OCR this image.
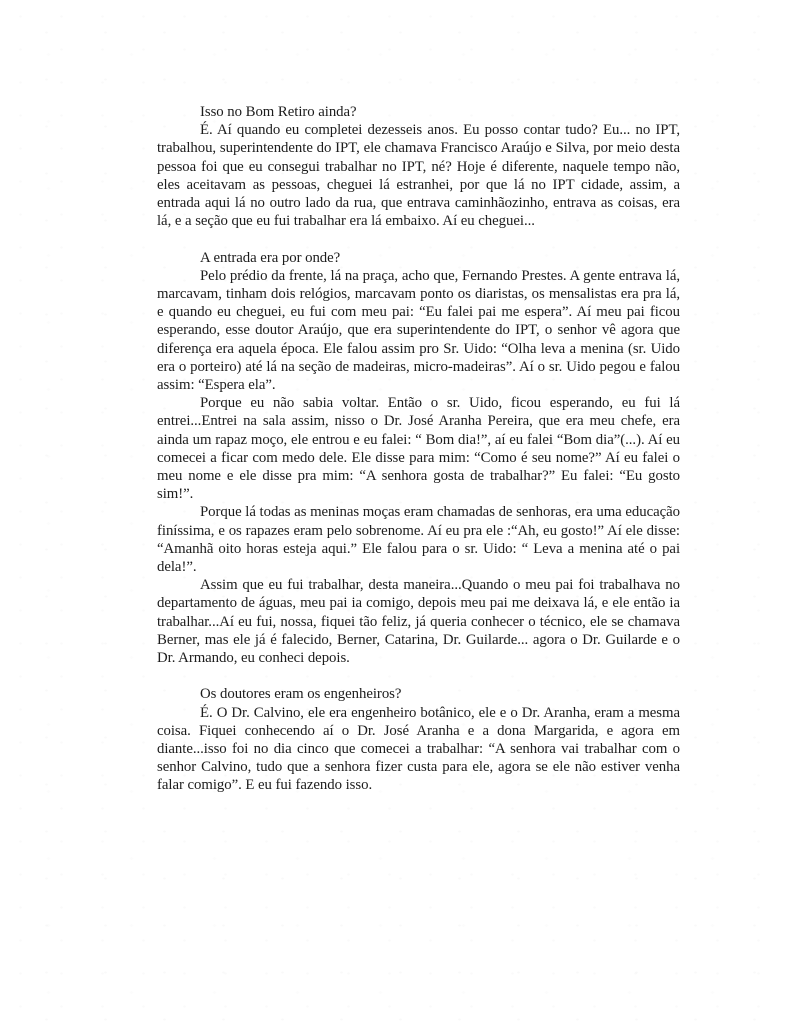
Isso no Bom Retiro ainda?

É. Aí quando eu completei dezesseis anos. Eu posso contar tudo? Eu... no IPT, trabalhou, superintendente do IPT, ele chamava Francisco Araújo e Silva, por meio desta pessoa foi que eu consegui trabalhar no IPT, né? Hoje é diferente, naquele tempo não, eles aceitavam as pessoas, cheguei lá estranhei, por que lá no IPT cidade, assim, a entrada aqui lá no outro lado da rua, que entrava caminhãozinho, entrava as coisas, era lá, e a seção que eu fui trabalhar era lá embaixo. Aí eu cheguei...

A entrada era por onde?

Pelo prédio da frente, lá na praça, acho que, Fernando Prestes. A gente entrava lá, marcavam, tinham dois relógios, marcavam ponto os diaristas, os mensalistas era pra lá, e quando eu cheguei, eu fui com meu pai: “Eu falei pai me espera”. Aí meu pai ficou esperando, esse doutor Araújo, que era superintendente do IPT, o senhor vê agora que diferença era aquela época. Ele falou assim pro Sr. Uido: “Olha leva a menina (sr. Uido era o porteiro) até lá na seção de madeiras, micro-madeiras”. Aí o sr. Uido pegou e falou assim: “Espera ela”.

Porque eu não sabia voltar. Então o sr. Uido, ficou esperando, eu fui lá entrei...Entrei na sala assim, nisso o Dr. José Aranha Pereira, que era meu chefe, era ainda um rapaz moço, ele entrou e eu falei: “ Bom dia!”, aí eu falei “Bom dia”(...). Aí eu comecei a ficar com medo dele. Ele disse para mim: “Como é seu nome?” Aí eu falei o meu nome e ele disse pra mim: “A senhora gosta de trabalhar?” Eu falei: “Eu gosto sim!”.

Porque lá todas as meninas moças eram chamadas de senhoras, era uma educação finíssima, e os rapazes eram pelo sobrenome. Aí eu pra ele :“Ah, eu gosto!” Aí ele disse: “Amanhã oito horas esteja aqui.” Ele falou para o sr. Uido: “ Leva a menina até o pai dela!”.

Assim que eu fui trabalhar, desta maneira...Quando o meu pai foi trabalhava no departamento de águas, meu pai ia comigo, depois meu pai me deixava lá, e ele então ia trabalhar...Aí eu fui, nossa, fiquei tão feliz, já queria conhecer o técnico, ele se chamava Berner, mas ele já é falecido, Berner, Catarina, Dr. Guilarde... agora o Dr. Guilarde e o Dr. Armando, eu conheci depois.

Os doutores eram os engenheiros?

É. O Dr. Calvino, ele era engenheiro botânico, ele e o Dr. Aranha, eram a mesma coisa. Fiquei conhecendo aí o Dr. José Aranha e a dona Margarida, e agora em diante...isso foi no dia cinco que comecei a trabalhar: “A senhora vai trabalhar com o senhor Calvino, tudo que a senhora fizer custa para ele, agora se ele não estiver venha falar comigo”. E eu fui fazendo isso.
